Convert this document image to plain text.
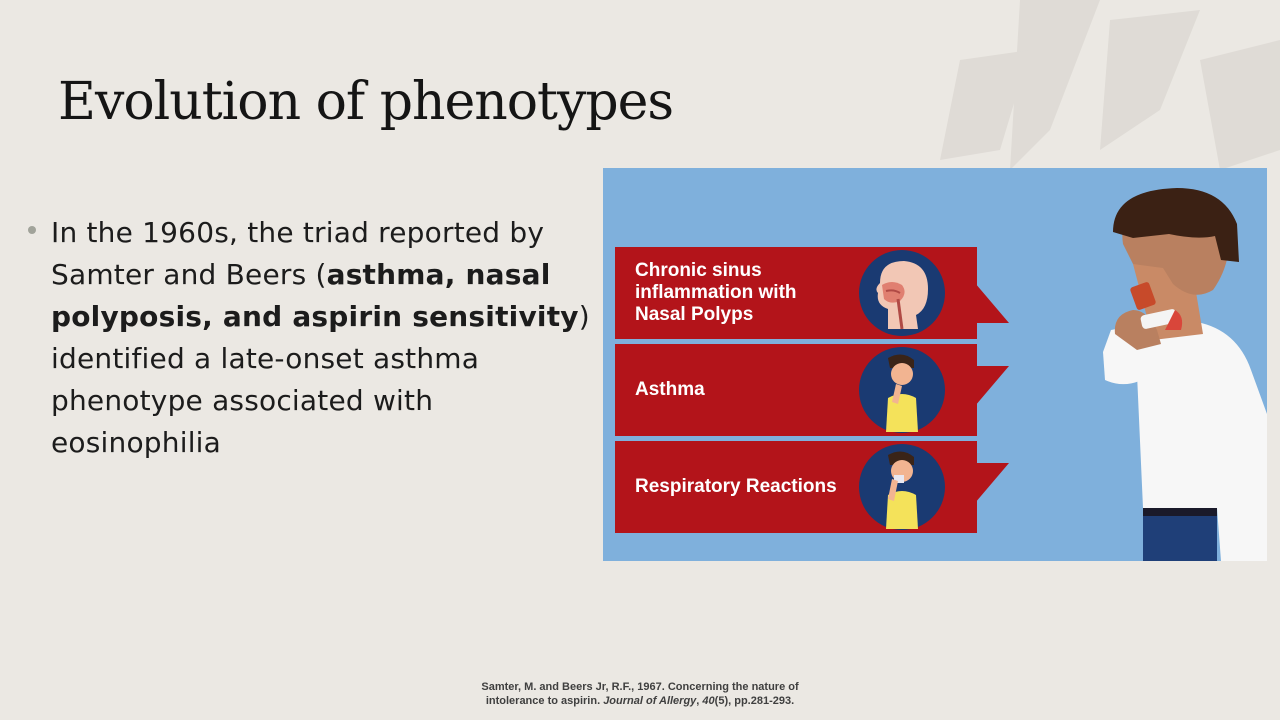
Evolution of phenotypes
In the 1960s, the triad reported by Samter and Beers (asthma, nasal polyposis, and aspirin sensitivity) identified a late-onset asthma phenotype associated with eosinophilia
Chronic sinus inflammation with Nasal Polyps
Asthma
Respiratory Reactions
Samter, M. and Beers Jr, R.F., 1967. Concerning the nature of
intolerance to aspirin. Journal of Allergy, 40(5), pp.281-293.
